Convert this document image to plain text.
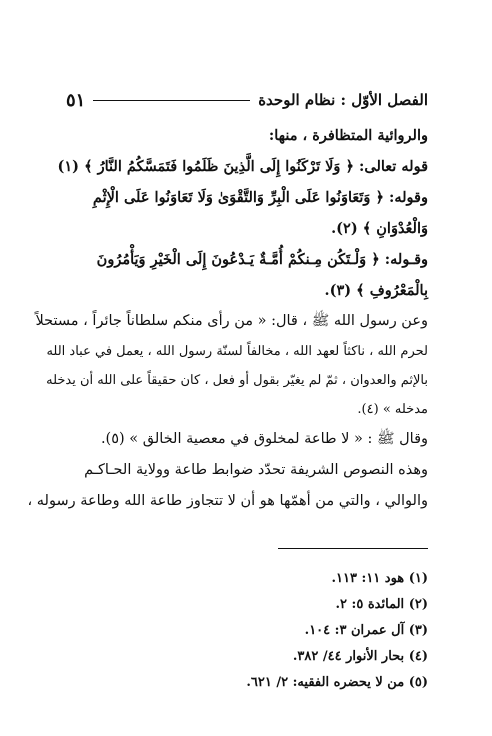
الفصل الأوّل : نظام الوحدة
٥١
والروائية المتظافرة ، منها:
قوله تعالى: ﴿ وَلَا تَرْكَنُوا إِلَى الَّذِينَ ظَلَمُوا فَتَمَسَّكُمُ النَّارُ ﴾ (١)
وقوله: ﴿ وَتَعَاوَنُوا عَلَى الْبِرِّ وَالتَّقْوَىٰ وَلَا تَعَاوَنُوا عَلَى الْإِثْمِ
وَالْعُدْوَانِ ﴾ (٢).
وقـوله: ﴿ وَلْـتَكُن مِـنكُمْ أُمَّـةٌ يَـدْعُونَ إِلَى الْخَيْرِ وَيَأْمُرُونَ
بِالْمَعْرُوفِ ﴾ (٣).
وعن رسول الله ﷺ ، قال: « من رأى منكم سلطاناً جائراً ، مستحلاً
لحرم الله ، ناكثاً لعهد الله ، مخالفاً لسنّة رسول الله ، يعمل في عباد الله
بالإثم والعدوان ، ثمّ لم يغيّر بقول أو فعل ، كان حقيقاً على الله أن يدخله
مدخله » (٤).
وقال ﷺ : « لا طاعة لمخلوق في معصية الخالق » (٥).
وهذه النصوص الشريفة تحدّد ضوابط طاعة وولاية الحـاكـم
والوالي ، والتي من أهمّها هو أن لا تتجاوز طاعة الله وطاعة رسوله ،
(١) هود ١١: ١١٣.
(٢) المائدة ٥: ٢.
(٣) آل عمران ٣: ١٠٤.
(٤) بحار الأنوار ٤٤/ ٣٨٢.
(٥) من لا يحضره الفقيه: ٢/ ٦٢١.
